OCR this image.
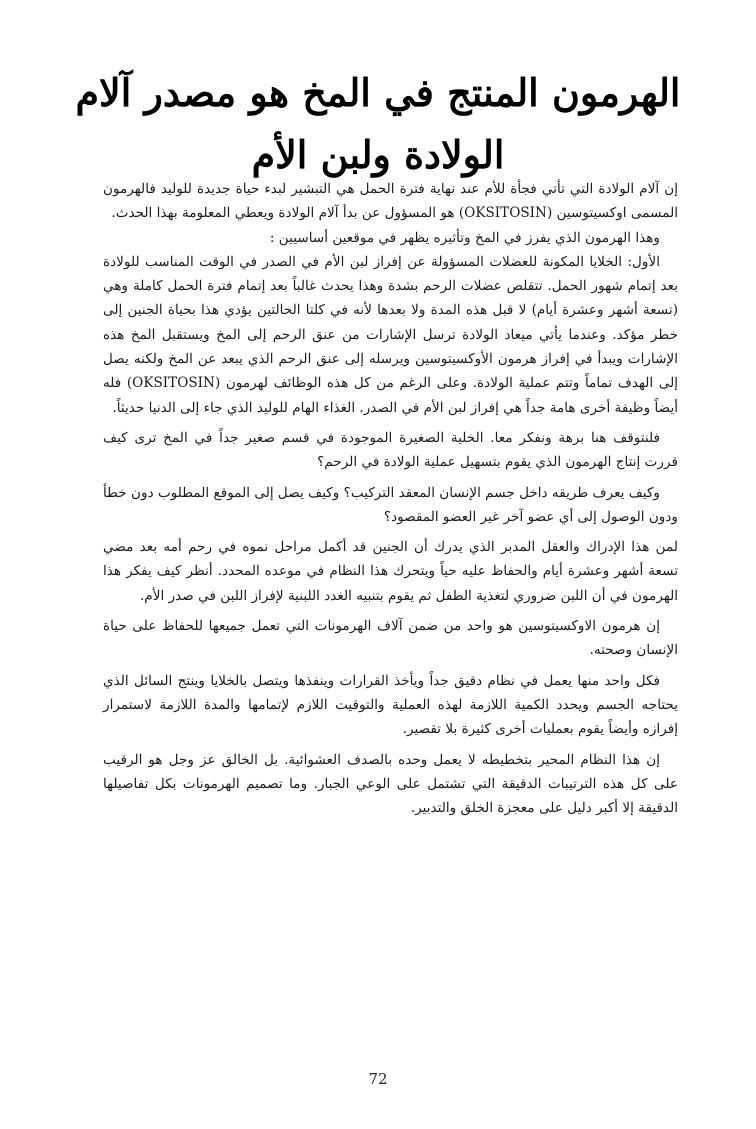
الهرمون المنتج في المخ هو مصدر آلام الولادة ولبن الأم

إن آلام الولادة التي تأتي فجأة للأم عند نهاية فترة الحمل هي التبشير لبدء حياة جديدة للوليد فالهرمون المسمى اوكسيتوسين (OKSITOSIN) هو المسؤول عن بدأ آلام الولادة ويعطي المعلومة بهذا الحدث.

وهذا الهرمون الذي يفرز في المخ وتأثيره يظهر في موقعين أساسيين :

الأول: الخلايا المكونة للعضلات المسؤولة عن إفراز لبن الأم في الصدر في الوقت المناسب للولادة بعد إتمام شهور الحمل. تتقلص عضلات الرحم بشدة وهذا يحدث غالباً بعد إتمام فترة الحمل كاملة وهي (تسعة أشهر وعشرة أيام) لا قبل هذه المدة ولا بعدها لأنه في كلتا الحالتين يؤدي هذا بحياة الجنين إلى خطر مؤكد. وعندما يأتي ميعاد الولادة ترسل الإشارات من عنق الرحم إلى المخ ويستقبل المخ هذه الإشارات ويبدأ في إفراز هرمون الأوكسيتوسين ويرسله إلى عنق الرحم الذي يبعد عن المخ ولكنه يصل إلى الهدف تماماً وتتم عملية الولادة. وعلى الرغم من كل هذه الوظائف لهرمون (OKSITOSIN) فله أيضاً وظيفة أخرى هامة جداً هي إفراز لبن الأم في الصدر. الغذاء الهام للوليد الذي جاء إلى الدنيا حديثاً.

فلنتوقف هنا برهة ونفكر معا. الخلية الصغيرة الموجودة في قسم صغير جداً في المخ ترى كيف قررت إنتاج الهرمون الذي يقوم بتسهيل عملية الولادة في الرحم؟

وكيف يعرف طريقه داخل جسم الإنسان المعقد التركيب؟ وكيف يصل إلى الموقع المطلوب دون خطأ ودون الوصول إلى أي عضو آخر غير العضو المقصود؟

لمن هذا الإدراك والعقل المدبر الذي يدرك أن الجنين قد أكمل مراحل نموه في رحم أمه بعد مضي تسعة أشهر وعشرة أيام والحفاظ عليه حياً ويتحرك هذا النظام في موعده المحدد. أنظر كيف يفكر هذا الهرمون في أن اللبن ضروري لتغذية الطفل ثم يقوم بتنبيه الغدد اللبنية لإفراز اللبن في صدر الأم.

إن هرمون الاوكسيتوسين هو واحد من ضمن آلاف الهرمونات التي تعمل جميعها للحفاظ على حياة الإنسان وصحته.

فكل واحد منها يعمل في نظام دقيق جداً ويأخذ القرارات وينفذها ويتصل بالخلايا وينتج السائل الذي يحتاجه الجسم ويحدد الكمية اللازمة لهذه العملية والتوقيت اللازم لإتمامها والمدة اللازمة لاستمرار إفرازه وأيضاً يقوم بعمليات أخرى كثيرة بلا تقصير.

إن هذا النظام المحير بتخطيطه لا يعمل وحده بالصدف العشوائية. بل الخالق عز وجل هو الرقيب على كل هذه الترتيبات الدقيقة التي تشتمل على الوعي الجبار. وما تصميم الهرمونات بكل تفاصيلها الدقيقة إلا أكبر دليل على معجزة الخلق والتدبير.

72
